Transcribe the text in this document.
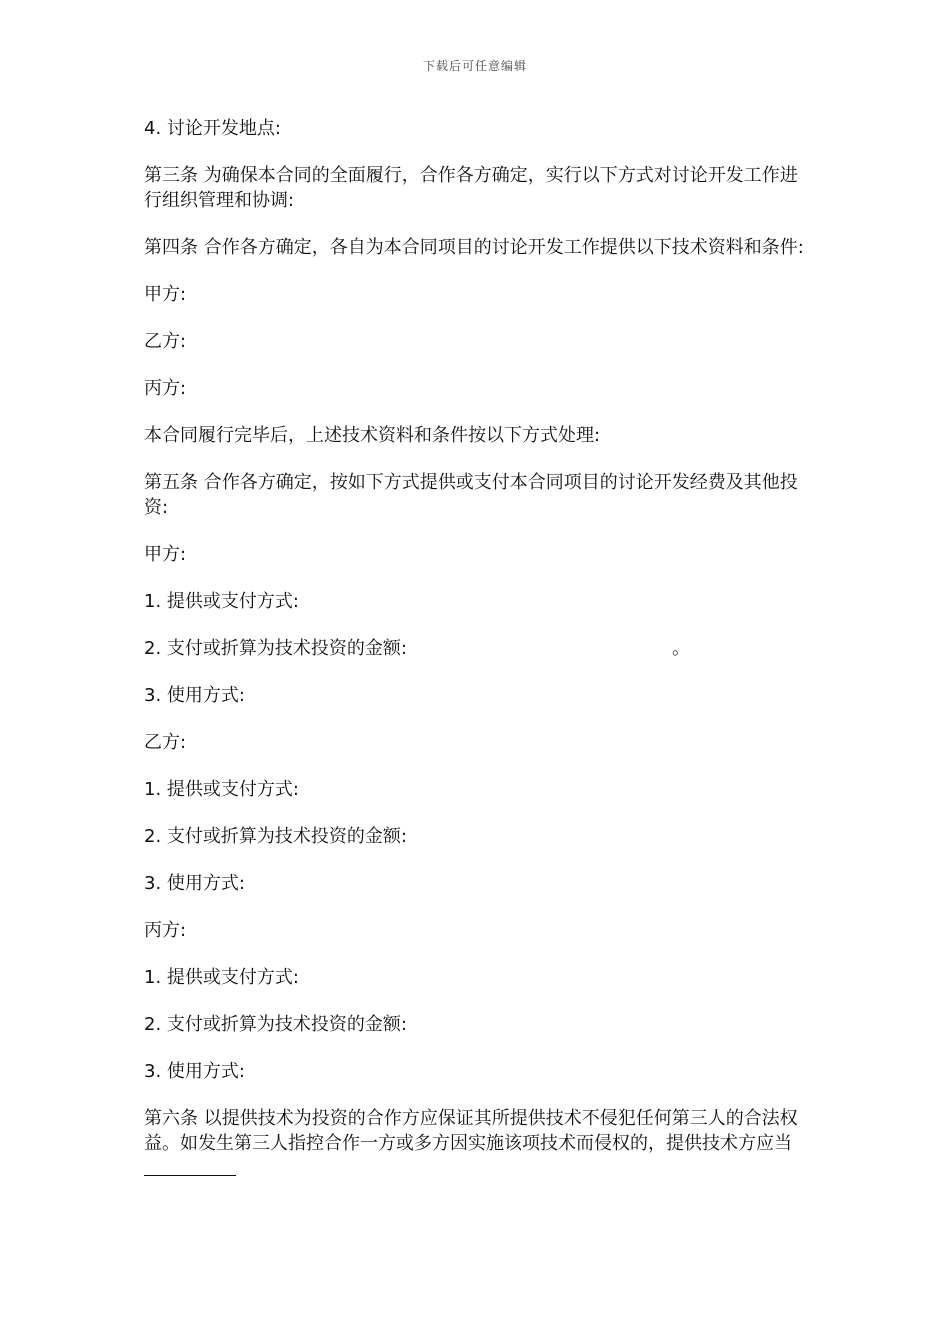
下载后可任意编辑

4. 讨论开发地点:

第三条 为确保本合同的全面履行，合作各方确定，实行以下方式对讨论开发工作进行组织管理和协调:

第四条 合作各方确定，各自为本合同项目的讨论开发工作提供以下技术资料和条件:

甲方:

乙方:

丙方:

本合同履行完毕后，上述技术资料和条件按以下方式处理:

第五条 合作各方确定，按如下方式提供或支付本合同项目的讨论开发经费及其他投资:

甲方:

1. 提供或支付方式:

2. 支付或折算为技术投资的金额:	。

3. 使用方式:

乙方:

1. 提供或支付方式:

2. 支付或折算为技术投资的金额:

3. 使用方式:

丙方:

1. 提供或支付方式:

2. 支付或折算为技术投资的金额:

3. 使用方式:

第六条 以提供技术为投资的合作方应保证其所提供技术不侵犯任何第三人的合法权益。如发生第三人指控合作一方或多方因实施该项技术而侵权的，提供技术方应当
